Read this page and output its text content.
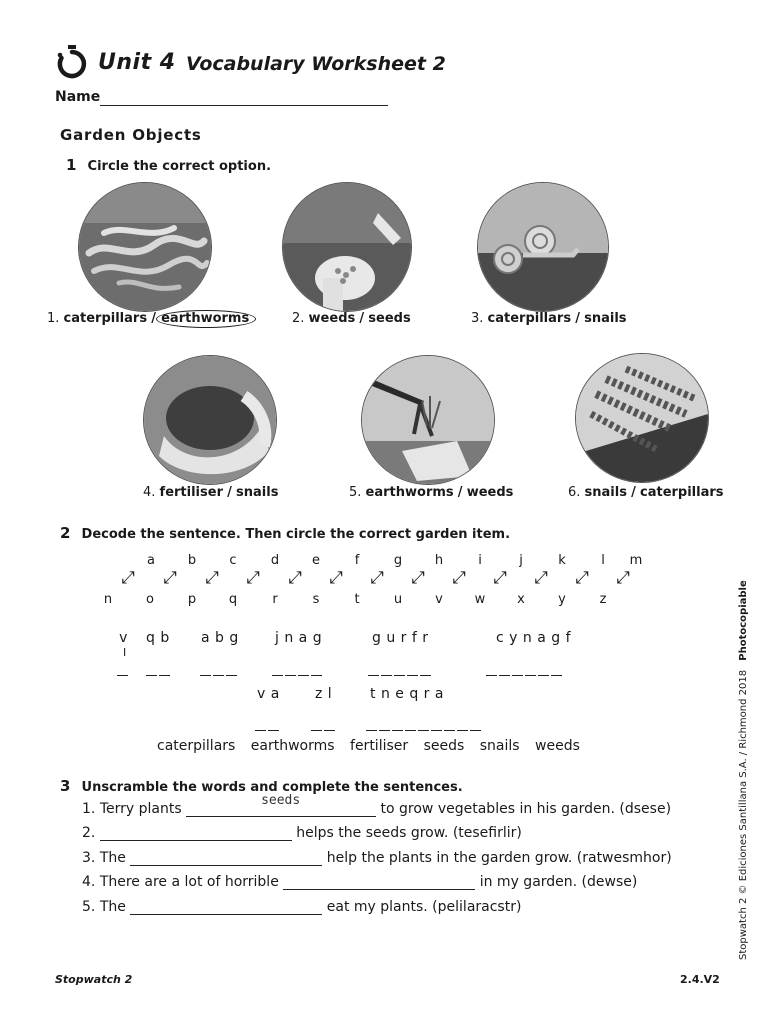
Unit 4 Vocabulary Worksheet 2
Name
Garden Objects
1 Circle the correct option.
1. caterpillars / earthworms	2. weeds / seeds	3. caterpillars / snails
4. fertiliser / snails	5. earthworms / weeds	6. snails / caterpillars
2 Decode the sentence. Then circle the correct garden item.
a	b	c	d	e	f	g	h	i	j	k	l	m
⤢ ⤢ ⤢ ⤢ ⤢ ⤢ ⤢ ⤢ ⤢ ⤢ ⤢ ⤢ ⤢
n	o	p	q	r	s	t	u	v w x	y	z
v q b a b g	j n a g	g u r f r	c y n a g f
I
v a	z l	t n e q r a
caterpillars earthworms fertiliser seeds snails weeds
3 Unscramble the words and complete the sentences.
1. Terry plants
seeds
to grow vegetables in his garden. (dsese)
2.	helps the seeds grow. (tesefirlir)
3. The	help the plants in the garden grow. (ratwesmhor)
4. There are a lot of horrible	in my garden. (dewse)
5. The	eat my plants. (pelilaracstr)
Stopwatch 2	2.4.V2
Stopwatch 2 © Ediciones Santillana S.A. / Richmond 2018 Photocopiable
